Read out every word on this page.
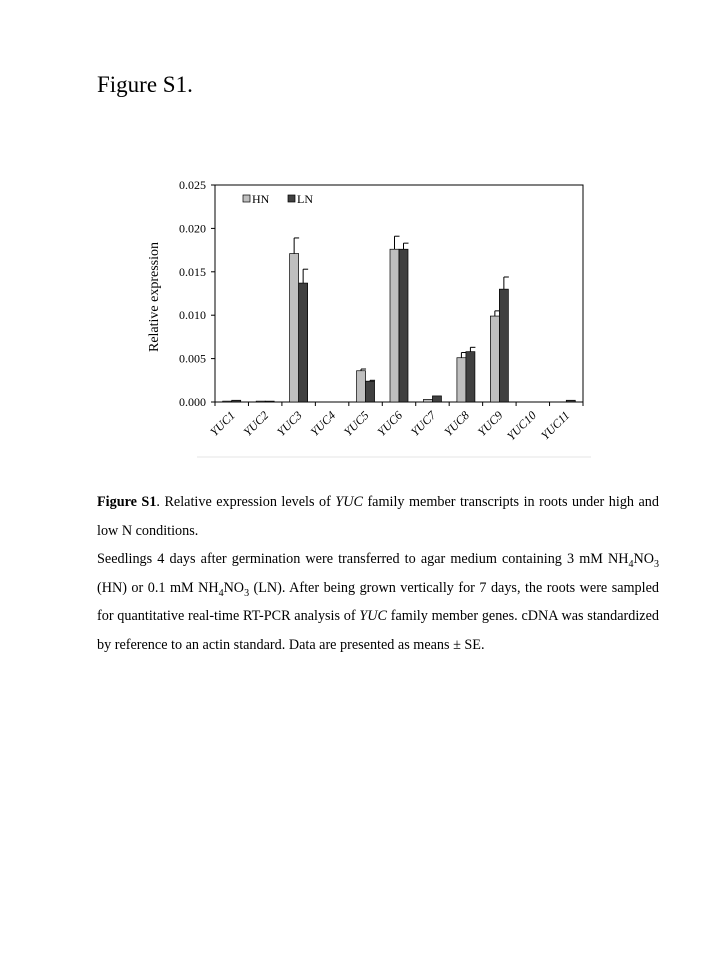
Figure S1.
0.000
0.005
0.010
0.015
0.020
0.025
YUC1 YUC2 YUC3 YUC4 YUC5 YUC6 YUC7 YUC8 YUC9
YUC10 YUC11
HN LN
Relative expression

Figure S1. Relative expression levels of YUC family member transcripts in roots under high and low N conditions.

Seedlings 4 days after germination were transferred to agar medium containing 3 mM $NH_4NO_3$ (HN) or 0.1 mM $NH_4NO_3$ (LN). After being grown vertically for 7 days, the roots were sampled for quantitative real-time RT-PCR analysis of YUC family member genes. cDNA was standardized by reference to an actin standard. Data are presented as means ± SE.
